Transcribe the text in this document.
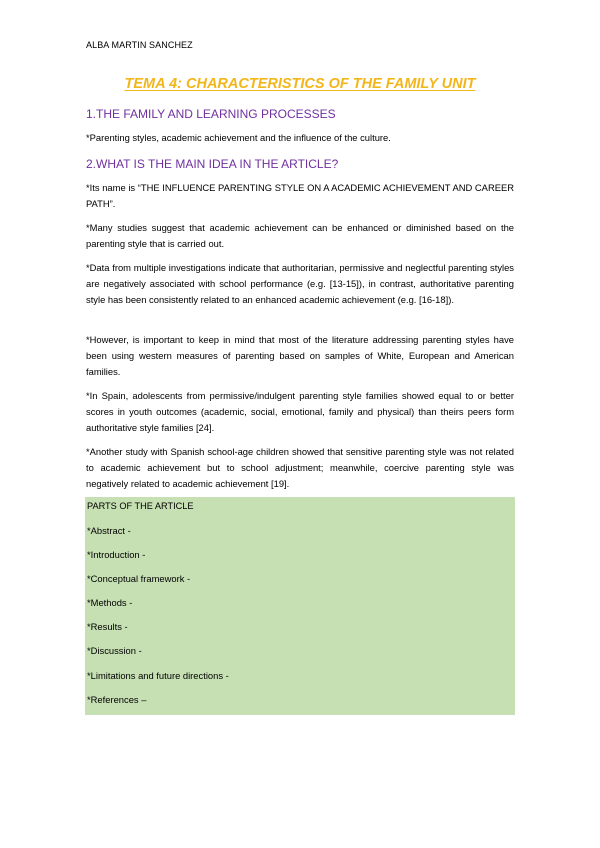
ALBA MARTIN SANCHEZ
TEMA 4: CHARACTERISTICS OF THE FAMILY UNIT
1.THE FAMILY AND LEARNING PROCESSES
*Parenting styles, academic achievement and the influence of the culture.
2.WHAT IS THE MAIN IDEA IN THE ARTICLE?
*Its name is “THE INFLUENCE PARENTING STYLE ON A ACADEMIC ACHIEVEMENT AND CAREER PATH”.
*Many studies suggest that academic achievement can be enhanced or diminished based on the parenting style that is carried out.
*Data from multiple investigations indicate that authoritarian, permissive and neglectful parenting styles are negatively associated with school performance (e.g. [13-15]), in contrast, authoritative parenting style has been consistently related to an enhanced academic achievement (e.g. [16-18]).
*However, is important to keep in mind that most of the literature addressing parenting styles have been using western measures of parenting based on samples of White, European and American families.
*In Spain, adolescents from permissive/indulgent parenting style families showed equal to or better scores in youth outcomes (academic, social, emotional, family and physical) than theirs peers form authoritative style families [24].
*Another study with Spanish school-age children showed that sensitive parenting style was not related to academic achievement but to school adjustment; meanwhile, coercive parenting style was negatively related to academic achievement [19].
PARTS OF THE ARTICLE
*Abstract -
*Introduction -
*Conceptual framework -
*Methods -
*Results -
*Discussion -
*Limitations and future directions -
*References –
